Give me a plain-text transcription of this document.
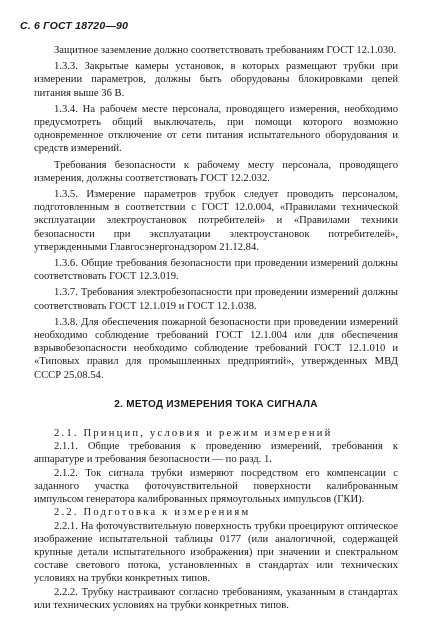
С. 6 ГОСТ 18720—90

Защитное заземление должно соответствовать требованиям ГОСТ 12.1.030.

1.3.3. Закрытые камеры установок, в которых размещают трубки при измерении параметров, должны быть оборудованы блокировками цепей питания выше 36 В.

1.3.4. На рабочем месте персонала, проводящего измерения, необходимо предусмотреть общий выключатель, при помощи которого возможно одновременное отключение от сети питания испытательного оборудования и средств измерений.

Требования безопасности к рабочему месту персонала, проводящего измерения, должны соответствовать ГОСТ 12.2.032.

1.3.5. Измерение параметров трубок следует проводить персоналом, подготовленным в соответствии с ГОСТ 12.0.004, «Правилами технической эксплуатации электроустановок потребителей» и «Правилами техники безопасности при эксплуатации электроустановок потребителей», утвержденными Главгосэнергонадзором 21.12.84.

1.3.6. Общие требования безопасности при проведении измерений должны соответствовать ГОСТ 12.3.019.

1.3.7. Требования электробезопасности при проведении измерений должны соответствовать ГОСТ 12.1.019 и ГОСТ 12.1.038.

1.3.8. Для обеспечения пожарной безопасности при проведении измерений необходимо соблюдение требований ГОСТ 12.1.004 или для обеспечения взрывобезопасности необходимо соблюдение требований ГОСТ 12.1.010 и «Типовых правил для промышленных предприятий», утвержденных МВД СССР 25.08.54.

2. МЕТОД ИЗМЕРЕНИЯ ТОКА СИГНАЛА

2.1. Принцип, условия и режим измерений

2.1.1. Общие требования к проведению измерений, требования к аппаратуре и требования безопасности — по разд. 1.

2.1.2. Ток сигнала трубки измеряют посредством его компенсации с заданного участка фоточувствительной поверхности калиброванным импульсом генератора калиброванных прямоугольных импульсов (ГКИ).

2.2. Подготовка к измерениям

2.2.1. На фоточувствительную поверхность трубки проецируют оптическое изображение испытательной таблицы 0177 (или аналогичной, содержащей крупные детали испытательного изображения) при значении и спектральном составе светового потока, установленных в стандартах или технических условиях на трубки конкретных типов.

2.2.2. Трубку настраивают согласно требованиям, указанным в стандартах или технических условиях на трубки конкретных типов.
